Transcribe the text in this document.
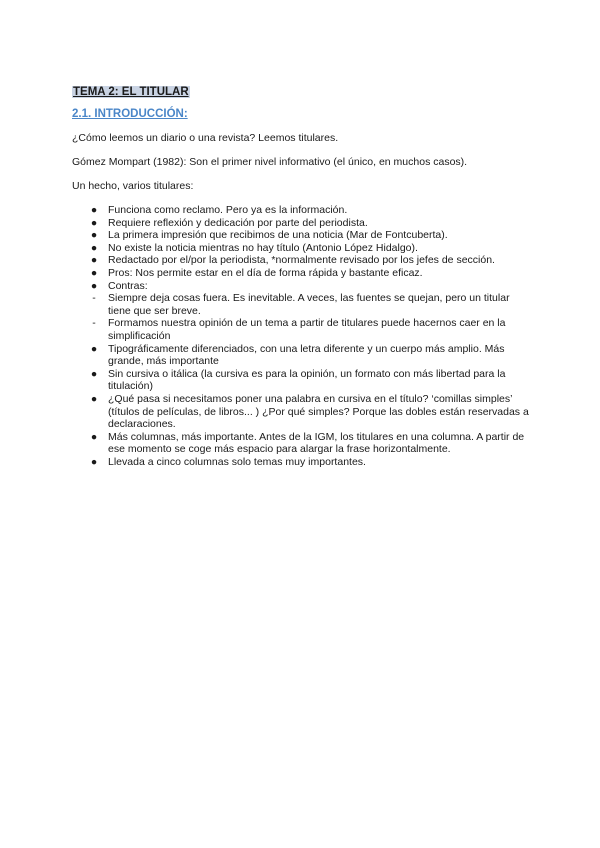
TEMA 2: EL TITULAR
2.1. INTRODUCCIÓN:

¿Cómo leemos un diario o una revista? Leemos titulares.

Gómez Mompart (1982): Son el primer nivel informativo (el único, en muchos casos).

Un hecho, varios titulares:

● Funciona como reclamo. Pero ya es la información.
● Requiere reflexión y dedicación por parte del periodista.
● La primera impresión que recibimos de una noticia (Mar de Fontcuberta).
● No existe la noticia mientras no hay título (Antonio López Hidalgo).
● Redactado por el/por la periodista, *normalmente revisado por los jefes de sección.
● Pros: Nos permite estar en el día de forma rápida y bastante eficaz.
● Contras:
-	Siempre deja cosas fuera. Es inevitable. A veces, las fuentes se quejan, pero un titular tiene que ser breve.
-	Formamos nuestra opinión de un tema a partir de titulares puede hacernos caer en la simplificación
● Tipográficamente diferenciados, con una letra diferente y un cuerpo más amplio. Más grande, más importante
● Sin cursiva o itálica (la cursiva es para la opinión, un formato con más libertad para la titulación)
● ¿Qué pasa si necesitamos poner una palabra en cursiva en el título? ‘comillas simples’ (títulos de películas, de libros... ) ¿Por qué simples? Porque las dobles están reservadas a declaraciones.
● Más columnas, más importante. Antes de la IGM, los titulares en una columna. A partir de ese momento se coge más espacio para alargar la frase horizontalmente.
● Llevada a cinco columnas solo temas muy importantes.
